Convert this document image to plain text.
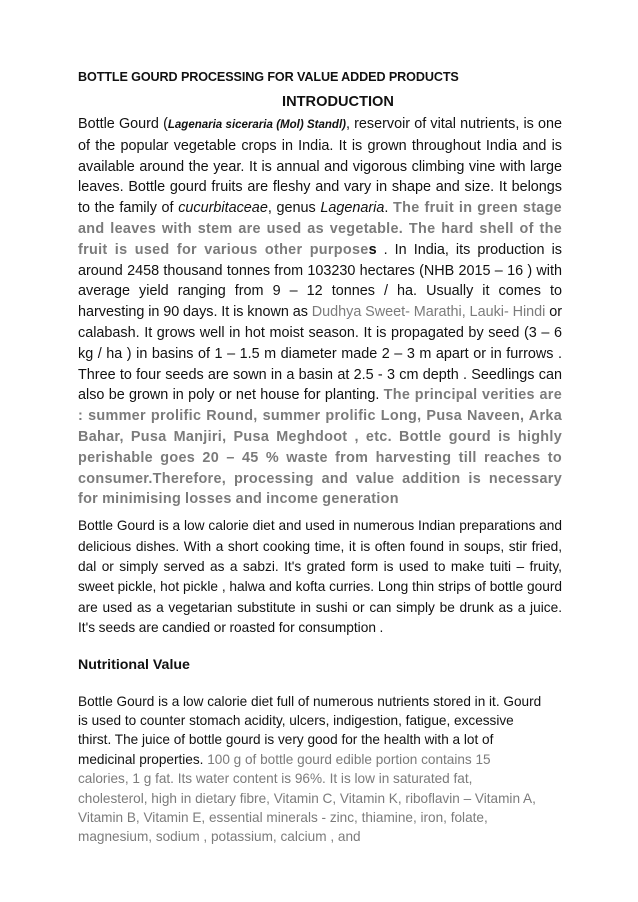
BOTTLE GOURD PROCESSING FOR VALUE ADDED PRODUCTS

INTRODUCTION

Bottle Gourd (Lagenaria siceraria (Mol) Standl), reservoir of vital nutrients, is one of the popular vegetable crops in India. It is grown throughout India and is available around the year. It is annual and vigorous climbing vine with large leaves. Bottle gourd fruits are fleshy and vary in shape and size. It belongs to the family of cucurbitaceae, genus Lagenaria. The fruit in green stage and leaves with stem are used as vegetable. The hard shell of the fruit is used for various other purposes . In India, its production is around 2458 thousand tonnes from 103230 hectares (NHB 2015 – 16 ) with average yield ranging from 9 – 12 tonnes / ha. Usually it comes to harvesting in 90 days. It is known as Dudhya Sweet- Marathi, Lauki- Hindi or calabash. It grows well in hot moist season. It is propagated by seed (3 – 6 kg / ha ) in basins of 1 – 1.5 m diameter made 2 – 3 m apart or in furrows . Three to four seeds are sown in a basin at 2.5 - 3 cm depth . Seedlings can also be grown in poly or net house for planting. The principal verities are : summer prolific Round, summer prolific Long, Pusa Naveen, Arka Bahar, Pusa Manjiri, Pusa Meghdoot , etc. Bottle gourd is highly perishable goes 20 – 45 % waste from harvesting till reaches to consumer.Therefore, processing and value addition is necessary for minimising losses and income generation

Bottle Gourd is a low calorie diet and used in numerous Indian preparations and delicious dishes. With a short cooking time, it is often found in soups, stir fried, dal or simply served as a sabzi. It's grated form is used to make tuiti – fruity, sweet pickle, hot pickle , halwa and kofta curries. Long thin strips of bottle gourd are used as a vegetarian substitute in sushi or can simply be drunk as a juice. It's seeds are candied or roasted for consumption .

Nutritional Value

Bottle Gourd is a low calorie diet full of numerous nutrients stored in it. Gourd is used to counter stomach acidity, ulcers, indigestion, fatigue, excessive thirst. The juice of bottle gourd is very good for the health with a lot of medicinal properties. 100 g of bottle gourd edible portion contains 15 calories, 1 g fat. Its water content is 96%. It is low in saturated fat, cholesterol, high in dietary fibre, Vitamin C, Vitamin K, riboflavin – Vitamin A, Vitamin B, Vitamin E, essential minerals - zinc, thiamine, iron, folate, magnesium, sodium , potassium, calcium , and
